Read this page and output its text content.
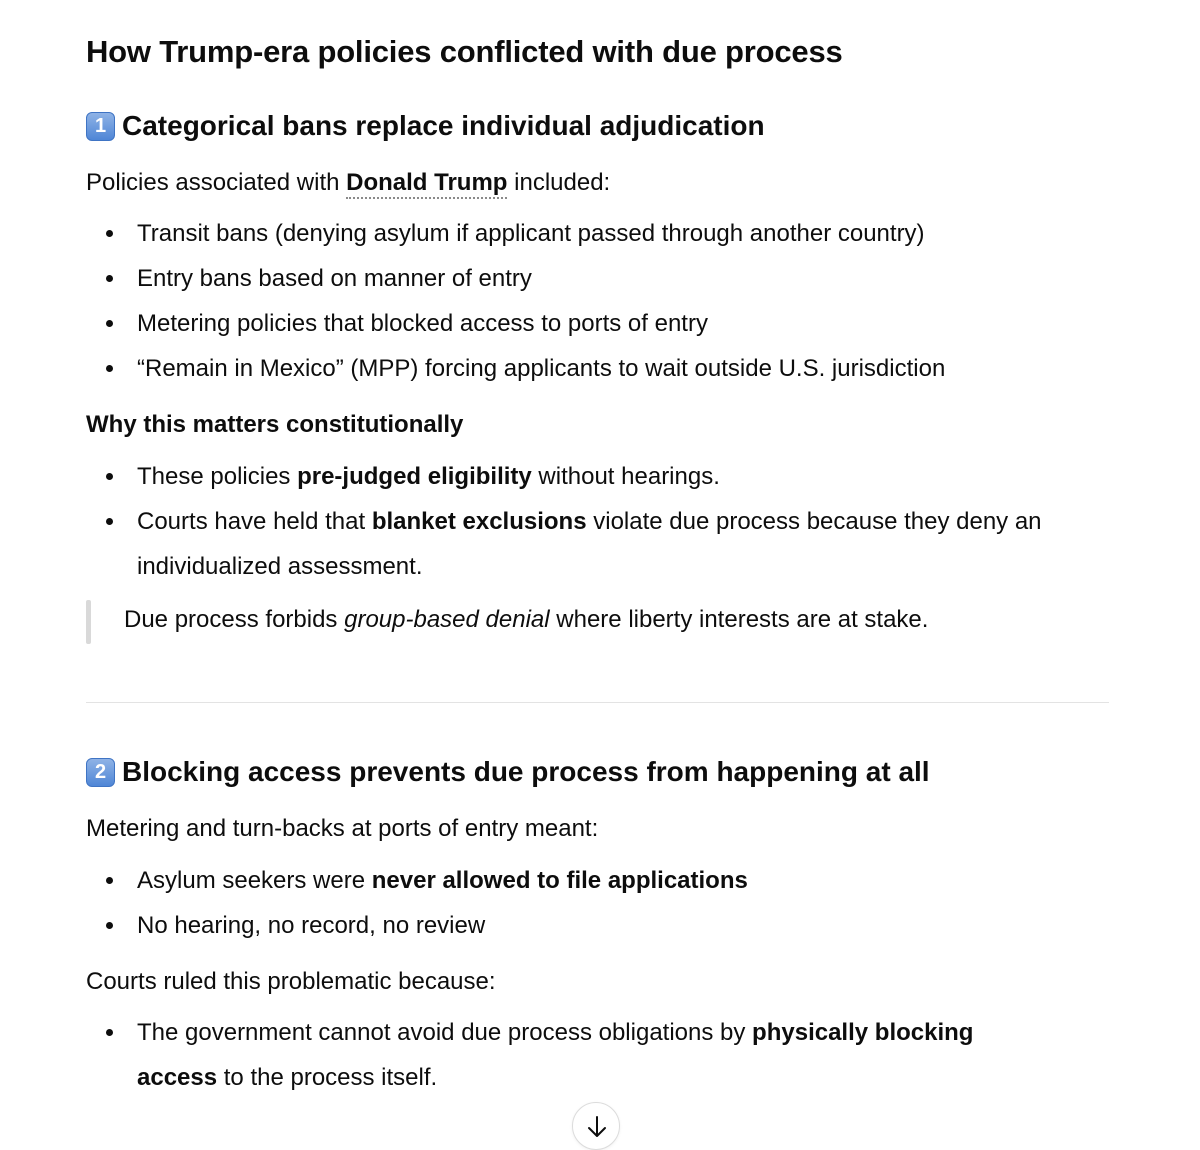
How Trump-era policies conflicted with due process
1 Categorical bans replace individual adjudication

Policies associated with Donald Trump included:

Transit bans (denying asylum if applicant passed through another country)
Entry bans based on manner of entry
Metering policies that blocked access to ports of entry
“Remain in Mexico” (MPP) forcing applicants to wait outside U.S. jurisdiction

Why this matters constitutionally

These policies pre-judged eligibility without hearings.
Courts have held that blanket exclusions violate due process because they deny an individualized assessment.
Due process forbids group-based denial where liberty interests are at stake.
2 Blocking access prevents due process from happening at all

Metering and turn-backs at ports of entry meant:

Asylum seekers were never allowed to file applications
No hearing, no record, no review

Courts ruled this problematic because:

The government cannot avoid due process obligations by physically blocking access to the process itself.
